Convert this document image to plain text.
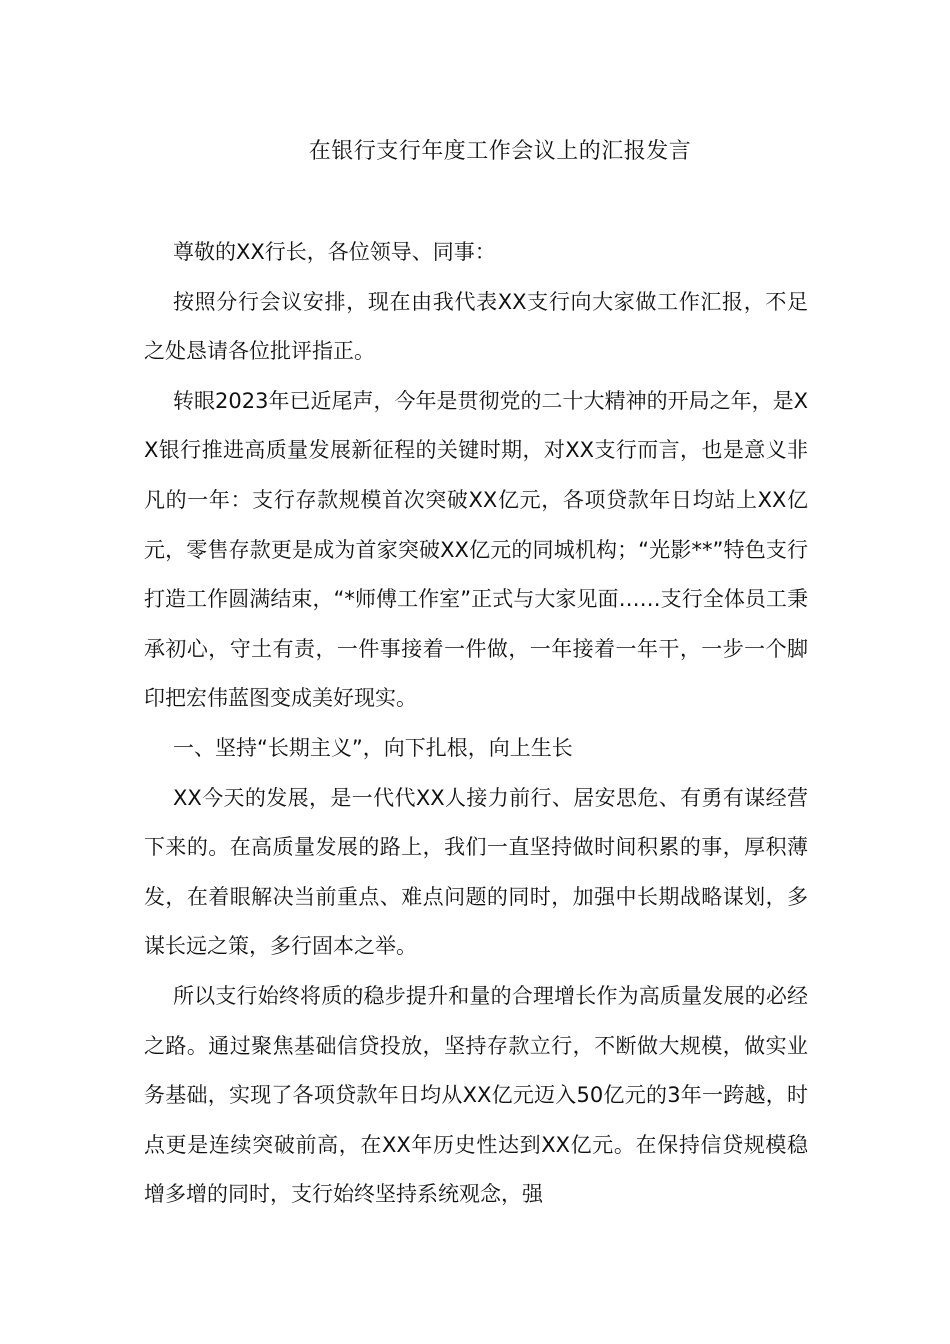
在银行支行年度工作会议上的汇报发言

尊敬的XX行长，各位领导、同事：

按照分行会议安排，现在由我代表XX支行向大家做工作汇报，不足之处恳请各位批评指正。

转眼2023年已近尾声，今年是贯彻党的二十大精神的开局之年，是XX银行推进高质量发展新征程的关键时期，对XX支行而言，也是意义非凡的一年：支行存款规模首次突破XX亿元，各项贷款年日均站上XX亿元，零售存款更是成为首家突破XX亿元的同城机构；“光影**”特色支行打造工作圆满结束，“*师傅工作室”正式与大家见面……支行全体员工秉承初心，守土有责，一件事接着一件做，一年接着一年干，一步一个脚印把宏伟蓝图变成美好现实。

一、坚持“长期主义”，向下扎根，向上生长

XX今天的发展，是一代代XX人接力前行、居安思危、有勇有谋经营下来的。在高质量发展的路上，我们一直坚持做时间积累的事，厚积薄发，在着眼解决当前重点、难点问题的同时，加强中长期战略谋划，多谋长远之策，多行固本之举。

所以支行始终将质的稳步提升和量的合理增长作为高质量发展的必经之路。通过聚焦基础信贷投放，坚持存款立行，不断做大规模，做实业务基础，实现了各项贷款年日均从XX亿元迈入50亿元的3年一跨越，时点更是连续突破前高，在XX年历史性达到XX亿元。在保持信贷规模稳增多增的同时，支行始终坚持系统观念，强
